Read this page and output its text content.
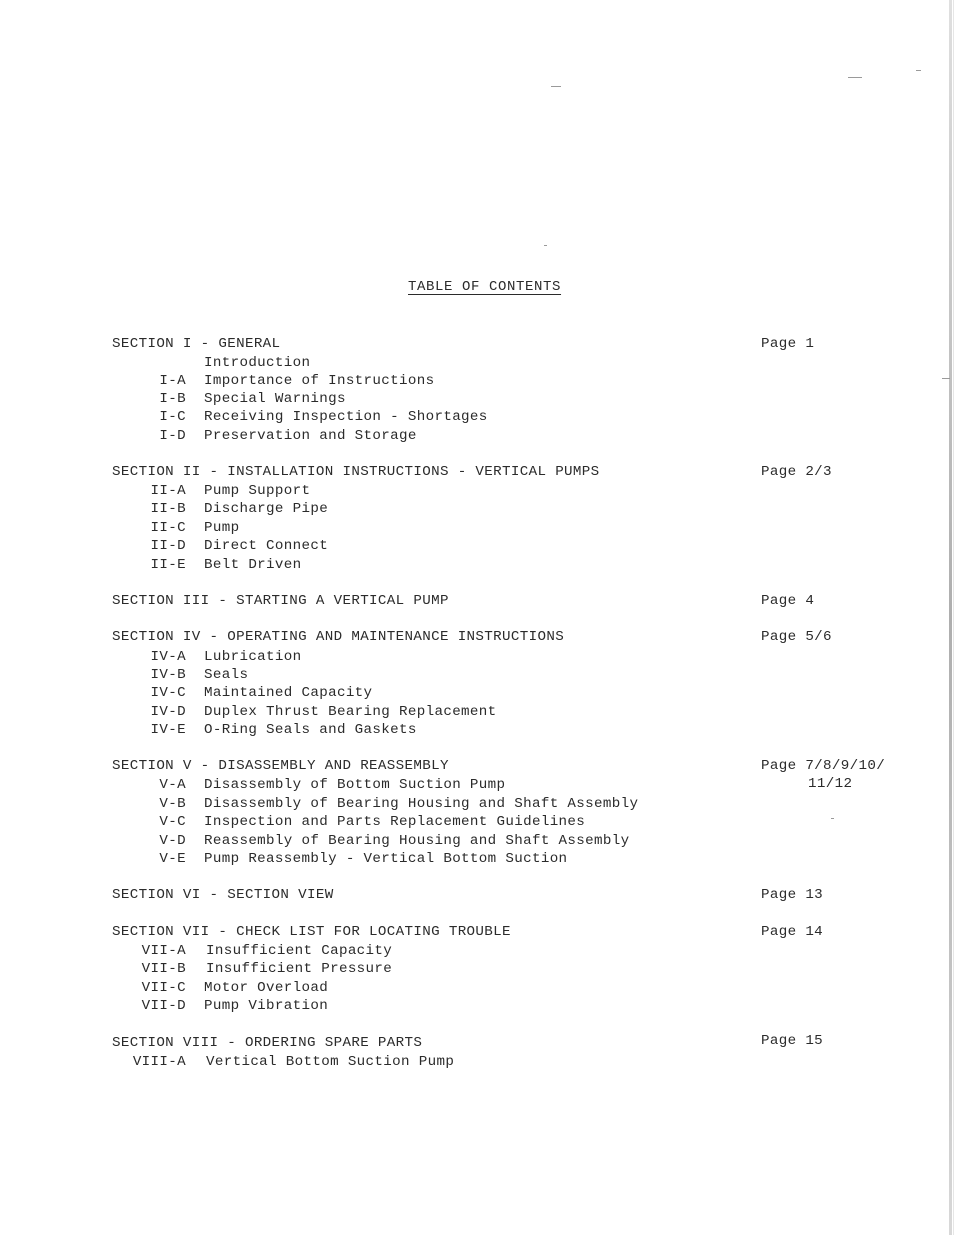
TABLE OF CONTENTS
SECTION I - GENERAL	Page 1
Introduction
I-A Importance of Instructions
I-B Special Warnings
I-C Receiving Inspection - Shortages
I-D Preservation and Storage
SECTION II - INSTALLATION INSTRUCTIONS - VERTICAL PUMPS	Page 2/3
II-A Pump Support
II-B Discharge Pipe
II-C Pump
II-D Direct Connect
II-E Belt Driven
SECTION III - STARTING A VERTICAL PUMP	Page 4
SECTION IV - OPERATING AND MAINTENANCE INSTRUCTIONS	Page 5/6
IV-A Lubrication
IV-B Seals
IV-C Maintained Capacity
IV-D Duplex Thrust Bearing Replacement
IV-E O-Ring Seals and Gaskets
SECTION V - DISASSEMBLY AND REASSEMBLY	Page 7/8/9/10/
11/12
V-A Disassembly of Bottom Suction Pump
V-B Disassembly of Bearing Housing and Shaft Assembly
V-C Inspection and Parts Replacement Guidelines
V-D Reassembly of Bearing Housing and Shaft Assembly
V-E Pump Reassembly - Vertical Bottom Suction
SECTION VI - SECTION VIEW	Page 13
SECTION VII - CHECK LIST FOR LOCATING TROUBLE	Page 14
VII-A Insufficient Capacity
VII-B Insufficient Pressure
VII-C Motor Overload
VII-D Pump Vibration
SECTION VIII - ORDERING SPARE PARTS	Page 15
VIII-A Vertical Bottom Suction Pump
